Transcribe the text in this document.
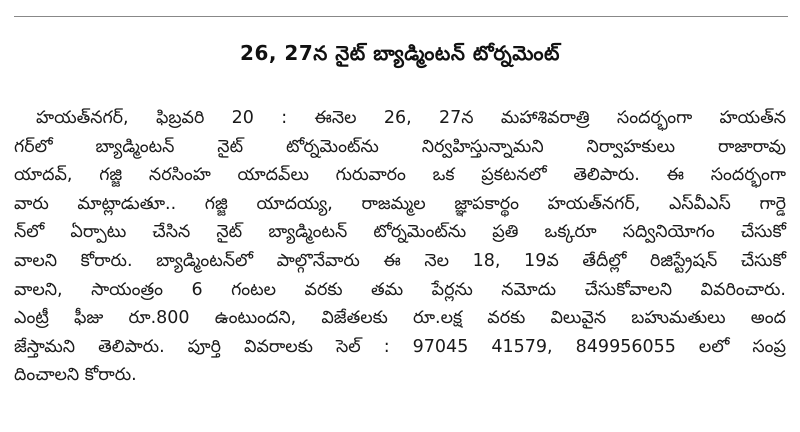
26, 27న నైట్ బ్యాడ్మింటన్ టోర్నమెంట్
హయత్‌నగర్, ఫిబ్రవరి 20 : ఈనెల 26, 27న మహాశివరాత్రి సందర్భంగా హయత్‌న
గర్‌లో బ్యాడ్మింటన్ నైట్ టోర్నమెంట్‌ను నిర్వహిస్తున్నామని నిర్వాహకులు రాజారావు
యాదవ్, గజ్జి నరసింహ యాదవ్‌లు గురువారం ఒక ప్రకటనలో తెలిపారు. ఈ సందర్భంగా
వారు మాట్లాడుతూ.. గజ్జి యాదయ్య, రాజమ్మల జ్ఞాపకార్థం హయత్‌నగర్, ఎస్‌వీఎస్ గార్డె
న్‌లో ఏర్పాటు చేసిన నైట్ బ్యాడ్మింటన్ టోర్నమెంట్‌ను ప్రతి ఒక్కరూ సద్వినియోగం చేసుకో
వాలని కోరారు. బ్యాడ్మింటన్‌లో పాల్గొనేవారు ఈ నెల 18, 19వ తేదీల్లో రిజిస్ట్రేషన్ చేసుకో
వాలని, సాయంత్రం 6 గంటల వరకు తమ పేర్లను నమోదు చేసుకోవాలని వివరించారు.
ఎంట్రీ ఫీజు రూ.800 ఉంటుందని, విజేతలకు రూ.లక్ష వరకు విలువైన బహుమతులు అంద
జేస్తామని తెలిపారు. పూర్తి వివరాలకు సెల్ : 97045 41579, 849956055 లలో సంప్ర
దించాలని కోరారు.
